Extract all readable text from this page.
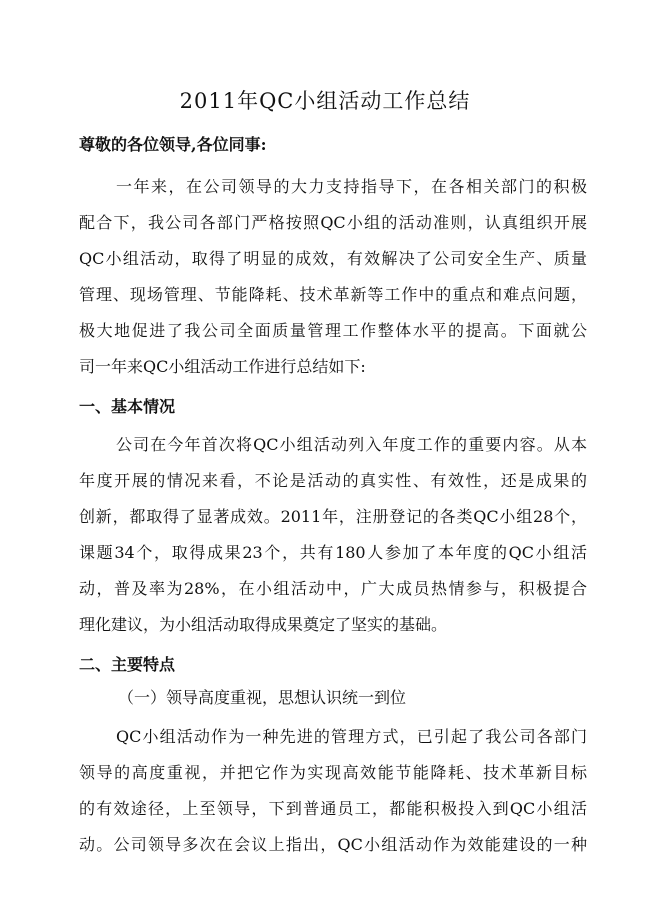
2011年QC小组活动工作总结
尊敬的各位领导,各位同事:
一年来，在公司领导的大力支持指导下，在各相关部门的积极
配合下，我公司各部门严格按照QC小组的活动准则，认真组织开展
QC小组活动，取得了明显的成效，有效解决了公司安全生产、质量
管理、现场管理、节能降耗、技术革新等工作中的重点和难点问题，
极大地促进了我公司全面质量管理工作整体水平的提高。下面就公
司一年来QC小组活动工作进行总结如下:
一、基本情况
公司在今年首次将QC小组活动列入年度工作的重要内容。从本
年度开展的情况来看，不论是活动的真实性、有效性，还是成果的
创新，都取得了显著成效。2011年，注册登记的各类QC小组28个，
课题34个，取得成果23个，共有180人参加了本年度的QC小组活
动，普及率为28%，在小组活动中，广大成员热情参与，积极提合
理化建议，为小组活动取得成果奠定了坚实的基础。
二、主要特点
（一）领导高度重视，思想认识统一到位
QC小组活动作为一种先进的管理方式，已引起了我公司各部门
领导的高度重视，并把它作为实现高效能节能降耗、技术革新目标
的有效途径，上至领导，下到普通员工，都能积极投入到QC小组活
动。公司领导多次在会议上指出，QC小组活动作为效能建设的一种
